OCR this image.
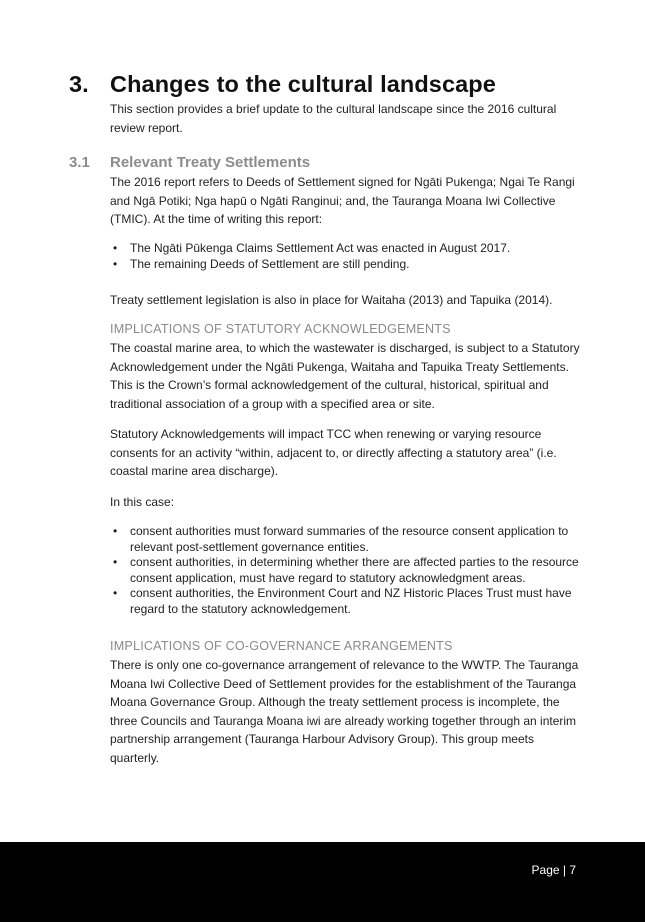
3. Changes to the cultural landscape

This section provides a brief update to the cultural landscape since the 2016 cultural review report.

3.1 Relevant Treaty Settlements

The 2016 report refers to Deeds of Settlement signed for Ngāti Pukenga; Ngai Te Rangi and Ngā Potiki; Nga hapū o Ngāti Ranginui; and, the Tauranga Moana Iwi Collective (TMIC). At the time of writing this report:

• The Ngāti Pūkenga Claims Settlement Act was enacted in August 2017.
• The remaining Deeds of Settlement are still pending.

Treaty settlement legislation is also in place for Waitaha (2013) and Tapuika (2014).

IMPLICATIONS OF STATUTORY ACKNOWLEDGEMENTS

The coastal marine area, to which the wastewater is discharged, is subject to a Statutory Acknowledgement under the Ngāti Pukenga, Waitaha and Tapuika Treaty Settlements. This is the Crown’s formal acknowledgement of the cultural, historical, spiritual and traditional association of a group with a specified area or site.

Statutory Acknowledgements will impact TCC when renewing or varying resource consents for an activity “within, adjacent to, or directly affecting a statutory area” (i.e. coastal marine area discharge).

In this case:

• consent authorities must forward summaries of the resource consent application to relevant post-settlement governance entities.
• consent authorities, in determining whether there are affected parties to the resource consent application, must have regard to statutory acknowledgment areas.
• consent authorities, the Environment Court and NZ Historic Places Trust must have regard to the statutory acknowledgement.
IMPLICATIONS OF CO-GOVERNANCE ARRANGEMENTS

There is only one co-governance arrangement of relevance to the WWTP. The Tauranga Moana Iwi Collective Deed of Settlement provides for the establishment of the Tauranga Moana Governance Group. Although the treaty settlement process is incomplete, the three Councils and Tauranga Moana iwi are already working together through an interim partnership arrangement (Tauranga Harbour Advisory Group). This group meets quarterly.

Page | 7
